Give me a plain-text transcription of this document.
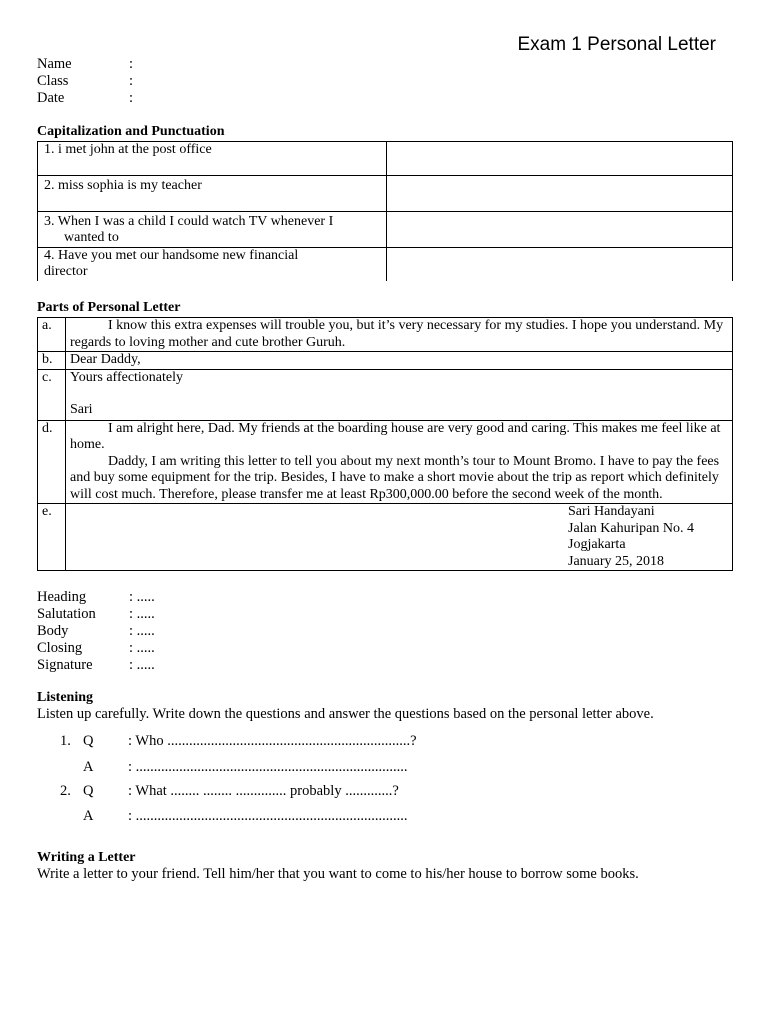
Exam 1 Personal Letter
Name	:
Class	:
Date	:
Capitalization and Punctuation
1. i met john at the post office	
2. miss sophia is my teacher	
3. When I was a child I could watch TV whenever I
wanted to	
4. Have you met our handsome new financial
director	
Parts of Personal Letter
a.	I know this extra expenses will trouble you, but it’s very necessary for my studies. I hope you understand. My regards to loving mother and cute brother Guruh.

b.	Dear Daddy,
c.	Yours affectionately
Sari

d.	I am alright here, Dad. My friends at the boarding house are very good and caring. This makes me feel like at home.
Daddy, I am writing this letter to tell you about my next month’s tour to Mount Bromo. I have to pay the fees and buy some equipment for the trip. Besides, I have to make a short movie about the trip as report which definitely will cost much. Therefore, please transfer me at least Rp300,000.00 before the second week of the month.

e.	Sari Handayani
Jalan Kahuripan No. 4
Jogjakarta
January 25, 2018
Heading	: .....
Salutation	: .....
Body	: .....
Closing	: .....
Signature	: .....
Listening
Listen up carefully. Write down the questions and answer the questions based on the personal letter above.
1. Q : Who ...................................................................?
A : ...........................................................................
2. Q : What ........ ........ .............. probably .............?
A : ...........................................................................
Writing a Letter
Write a letter to your friend. Tell him/her that you want to come to his/her house to borrow some books.
